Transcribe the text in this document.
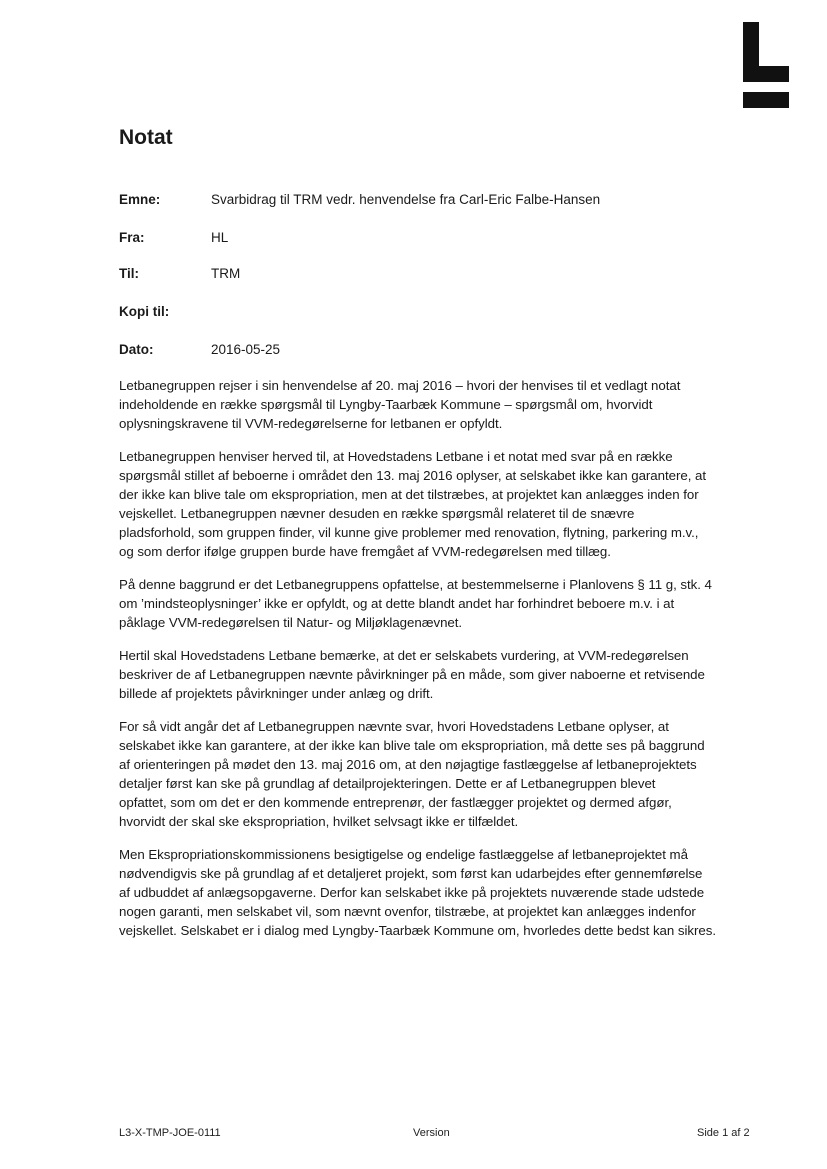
Notat
Emne:	Svarbidrag til TRM vedr. henvendelse fra Carl-Eric Falbe-Hansen
Fra:	HL
Til:	TRM
Kopi til:
Dato:	2016-05-25

Letbanegruppen rejser i sin henvendelse af 20. maj 2016 – hvori der henvises til et vedlagt notat
indeholdende en række spørgsmål til Lyngby-Taarbæk Kommune – spørgsmål om, hvorvidt
oplysningskravene til VVM-redegørelserne for letbanen er opfyldt.

Letbanegruppen henviser herved til, at Hovedstadens Letbane i et notat med svar på en række
spørgsmål stillet af beboerne i området den 13. maj 2016 oplyser, at selskabet ikke kan garantere, at
der ikke kan blive tale om ekspropriation, men at det tilstræbes, at projektet kan anlægges inden for
vejskellet. Letbanegruppen nævner desuden en række spørgsmål relateret til de snævre
pladsforhold, som gruppen finder, vil kunne give problemer med renovation, flytning, parkering m.v.,
og som derfor ifølge gruppen burde have fremgået af VVM-redegørelsen med tillæg.

På denne baggrund er det Letbanegruppens opfattelse, at bestemmelserne i Planlovens § 11 g, stk. 4
om ’mindsteoplysninger’ ikke er opfyldt, og at dette blandt andet har forhindret beboere m.v. i at
påklage VVM-redegørelsen til Natur- og Miljøklagenævnet.

Hertil skal Hovedstadens Letbane bemærke, at det er selskabets vurdering, at VVM-redegørelsen
beskriver de af Letbanegruppen nævnte påvirkninger på en måde, som giver naboerne et retvisende
billede af projektets påvirkninger under anlæg og drift.

For så vidt angår det af Letbanegruppen nævnte svar, hvori Hovedstadens Letbane oplyser, at
selskabet ikke kan garantere, at der ikke kan blive tale om ekspropriation, må dette ses på baggrund
af orienteringen på mødet den 13. maj 2016 om, at den nøjagtige fastlæggelse af letbaneprojektets
detaljer først kan ske på grundlag af detailprojekteringen. Dette er af Letbanegruppen blevet
opfattet, som om det er den kommende entreprenør, der fastlægger projektet og dermed afgør,
hvorvidt der skal ske ekspropriation, hvilket selvsagt ikke er tilfældet.

Men Ekspropriationskommissionens besigtigelse og endelige fastlæggelse af letbaneprojektet må
nødvendigvis ske på grundlag af et detaljeret projekt, som først kan udarbejdes efter gennemførelse
af udbuddet af anlægsopgaverne. Derfor kan selskabet ikke på projektets nuværende stade udstede
nogen garanti, men selskabet vil, som nævnt ovenfor, tilstræbe, at projektet kan anlægges indenfor
vejskellet. Selskabet er i dialog med Lyngby-Taarbæk Kommune om, hvorledes dette bedst kan sikres.

L3-X-TMP-JOE-0111	Version	Side 1 af 2
